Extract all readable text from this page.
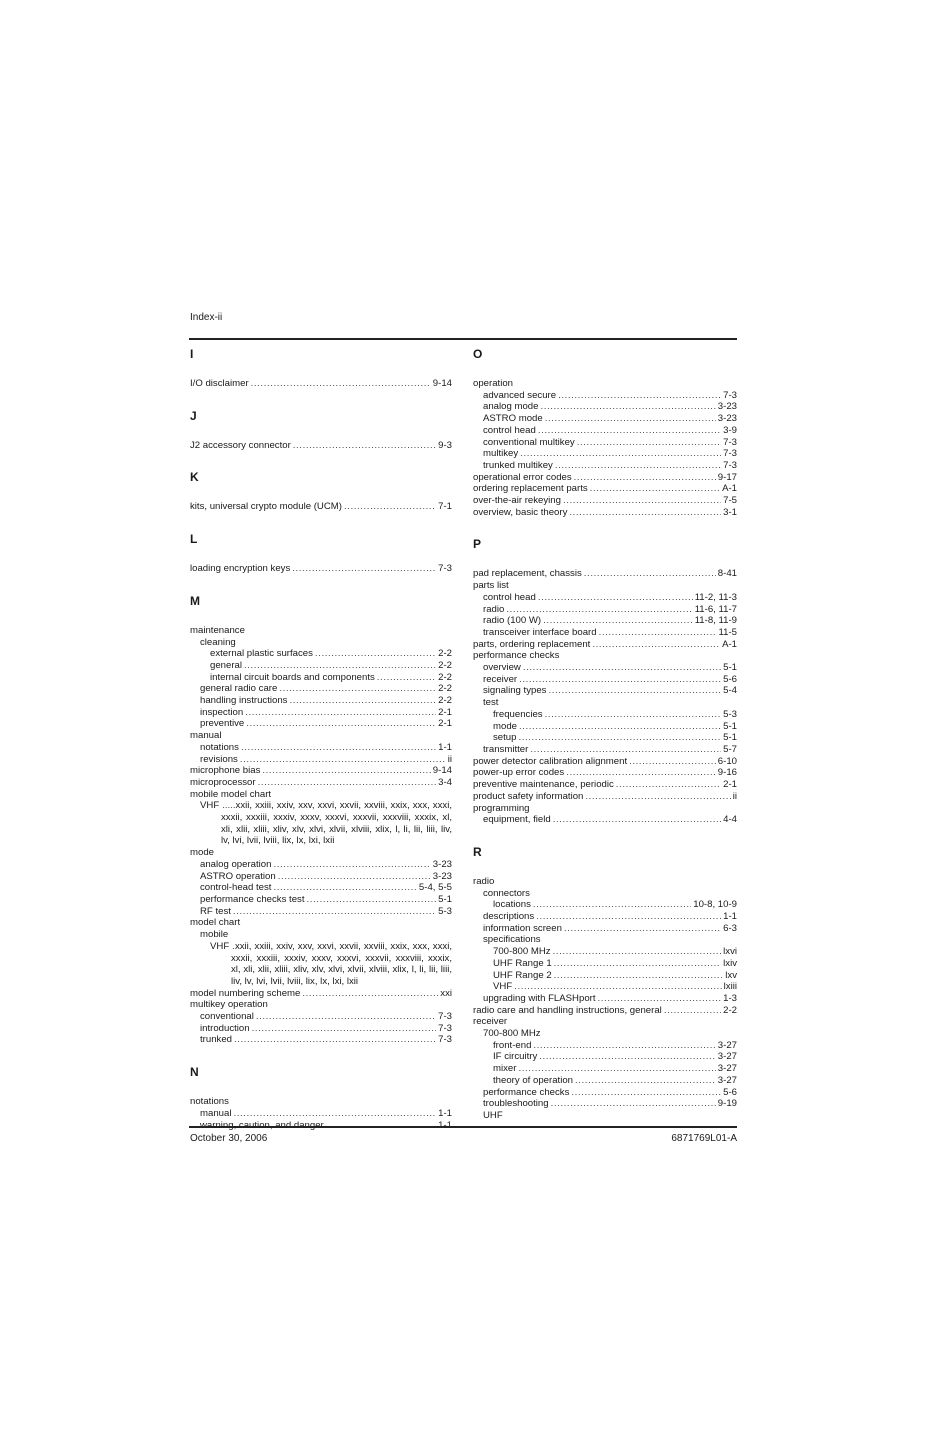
Index-ii
I
I/O disclaimer .....	9-14
J
J2 accessory connector .....	9-3
K
kits, universal crypto module (UCM) .....	7-1
L
loading encryption keys .....	7-3
M
maintenance
cleaning
external plastic surfaces .....	2-2
general .....	2-2
internal circuit boards and components .....	2-2
general radio care .....	2-2
handling instructions .....	2-2
inspection .....	2-1
preventive .....	2-1
manual
notations .....	1-1
revisions .....	ii
microphone bias .....	9-14
microprocessor .....	3-4
mobile model chart
VHF .....xxii, xxiii, xxiv, xxv, xxvi, xxvii, xxviii, xxix, xxx, xxxi, xxxii, xxxiii, xxxiv, xxxv, xxxvi, xxxvii, xxxviii, xxxix, xl, xli, xlii, xliii, xliv, xlv, xlvi, xlvii, xlviii, xlix, l, li, lii, liii, liv, lv, lvi, lvii, lviii, lix, lx, lxi, lxii
mode
analog operation .....	3-23
ASTRO operation .....	3-23
control-head test .....	5-4, 5-5
performance checks test .....	5-1
RF test .....	5-3
model chart
mobile
VHF .xxii, xxiii, xxiv, xxv, xxvi, xxvii, xxviii, xxix, xxx, xxxi, xxxii, xxxiii, xxxiv, xxxv, xxxvi, xxxvii, xxxviii, xxxix, xl, xli, xlii, xliii, xliv, xlv, xlvi, xlvii, xlviii, xlix, l, li, lii, liii, liv, lv, lvi, lvii, lviii, lix, lx, lxi, lxii
model numbering scheme .....	xxi
multikey operation
conventional .....	7-3
introduction .....	7-3
trunked .....	7-3
N
notations
manual .....	1-1
warning, caution, and danger .....	1-1
O
operation
advanced secure .....	7-3
analog mode .....	3-23
ASTRO mode .....	3-23
control head .....	3-9
conventional multikey .....	7-3
multikey .....	7-3
trunked multikey .....	7-3
operational error codes .....	9-17
ordering replacement parts .....	A-1
over-the-air rekeying .....	7-5
overview, basic theory .....	3-1
P
pad replacement, chassis .....	8-41
parts list
control head .....	11-2, 11-3
radio .....	11-6, 11-7
radio (100 W) .....	11-8, 11-9
transceiver interface board .....	11-5
parts, ordering replacement .....	A-1
performance checks
overview .....	5-1
receiver .....	5-6
signaling types .....	5-4
test
frequencies .....	5-3
mode .....	5-1
setup .....	5-1
transmitter .....	5-7
power detector calibration alignment .....	6-10
power-up error codes .....	9-16
preventive maintenance, periodic .....	2-1
product safety information .....	ii
programming
equipment, field .....	4-4
R
radio
connectors
locations .....	10-8, 10-9
descriptions .....	1-1
information screen .....	6-3
specifications
700-800 MHz .....	lxvi
UHF Range 1 .....	lxiv
UHF Range 2 .....	lxv
VHF .....	lxiii
upgrading with FLASHport .....	1-3
radio care and handling instructions, general .....	2-2
receiver
700-800 MHz
front-end .....	3-27
IF circuitry .....	3-27
mixer .....	3-27
theory of operation .....	3-27
performance checks .....	5-6
troubleshooting .....	9-19
UHF
October 30, 2006	6871769L01-A
